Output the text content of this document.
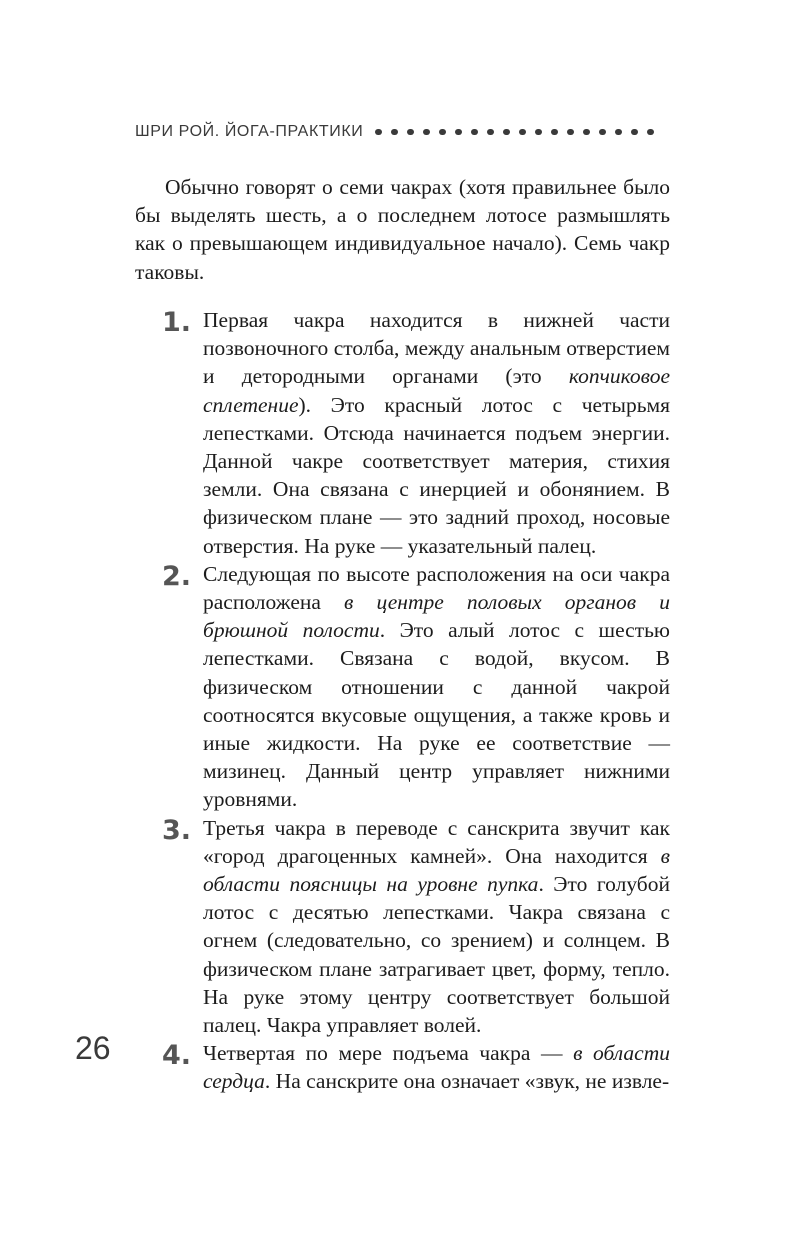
ШРИ РОЙ. ЙОГА-ПРАКТИКИ

Обычно говорят о семи чакрах (хотя правильнее было бы выделять шесть, а о последнем лотосе размышлять как о превышающем индивидуальное начало). Семь чакр таковы.

1. Первая чакра находится в нижней части позвоночного столба, между анальным отверстием и детородными органами (это копчиковое сплетение). Это красный лотос с четырьмя лепестками. Отсюда начинается подъем энергии. Данной чакре соответствует материя, стихия земли. Она связана с инерцией и обонянием. В физическом плане — это задний проход, носовые отверстия. На руке — указательный палец.
2. Следующая по высоте расположения на оси чакра расположена в центре половых органов и брюшной полости. Это алый лотос с шестью лепестками. Связана с водой, вкусом. В физическом отношении с данной чакрой соотносятся вкусовые ощущения, а также кровь и иные жидкости. На руке ее соответствие — мизинец. Данный центр управляет нижними уровнями.
3. Третья чакра в переводе с санскрита звучит как «город драгоценных камней». Она находится в области поясницы на уровне пупка. Это голубой лотос с десятью лепестками. Чакра связана с огнем (следовательно, со зрением) и солнцем. В физическом плане затрагивает цвет, форму, тепло. На руке этому центру соответствует большой палец. Чакра управляет волей.
4. Четвертая по мере подъема чакра — в области сердца. На санскрите она означает «звук, не извле-
26
